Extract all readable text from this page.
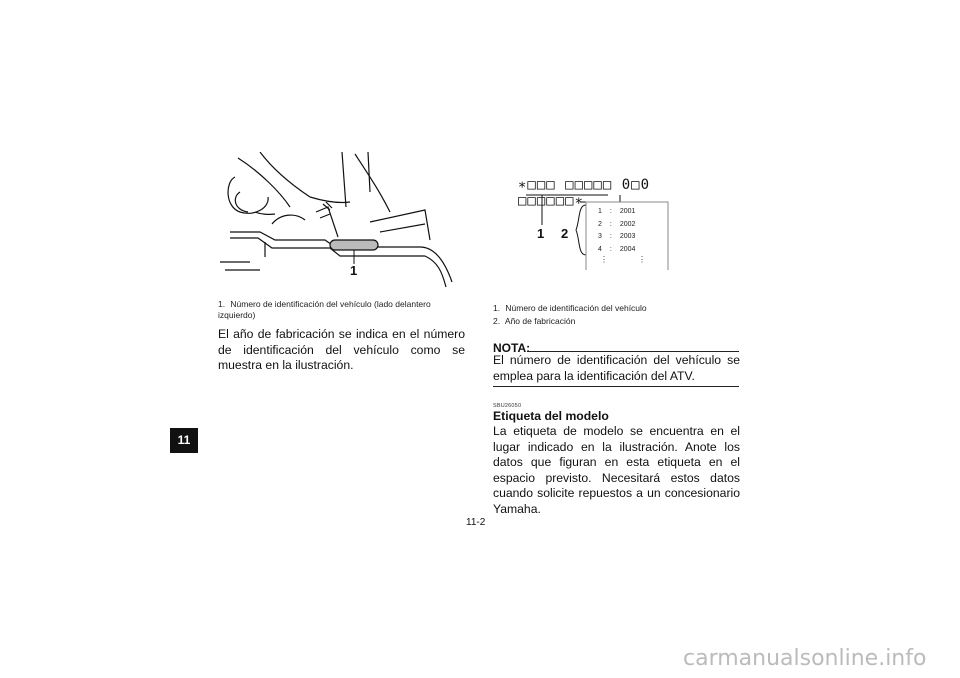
11
1
1. Número de identificación del vehículo (lado delantero izquierdo)
El año de fabricación se indica en el número de identificación del vehículo como se muestra en la ilustración.
∗□□□ □□□□□ 0□0 □□□□□□∗
1 2
1	:	2001
2	:	2002
3	:	2003
4	:	2004
⋮	⋮
1. Número de identificación del vehículo
2. Año de fabricación
NOTA:
El número de identificación del vehículo se emplea para la identificación del ATV.
SBU26050
Etiqueta del modelo
La etiqueta de modelo se encuentra en el lugar indicado en la ilustración. Anote los datos que figuran en esta etiqueta en el espacio previsto. Necesitará estos datos cuando solicite repuestos a un concesionario Yamaha.
11-2
carmanualsonline.info
